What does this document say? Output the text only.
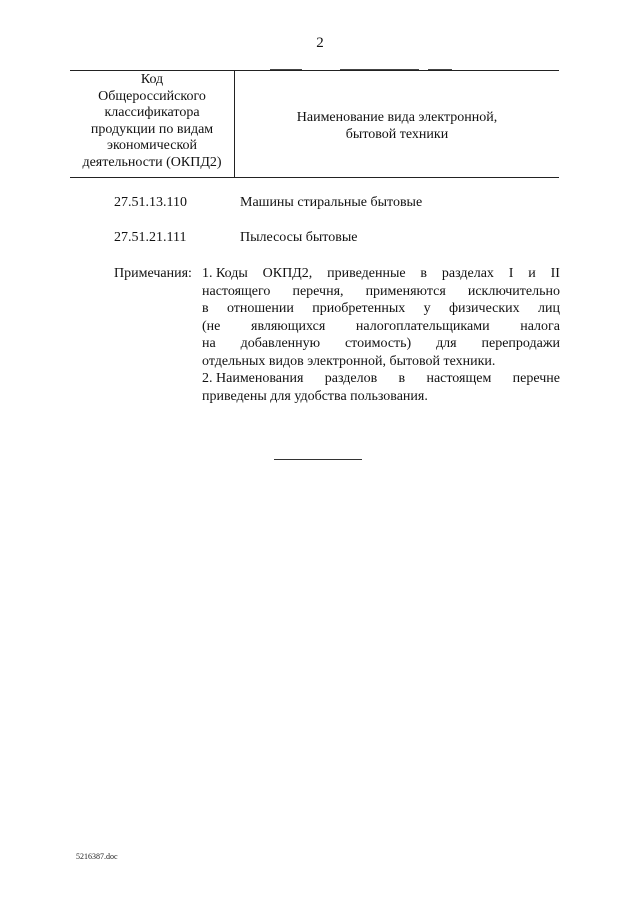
2
Код
Общероссийского
классификатора
продукции по видам
экономической
деятельности (ОКПД2)
Наименование вида электронной,
бытовой техники
27.51.13.110	Машины стиральные бытовые
27.51.21.111	Пылесосы бытовые
Примечания: 1. Коды ОКПД2, приведенные в разделах I и II
настоящего перечня, применяются исключительно
в отношении приобретенных у физических лиц
(не являющихся налогоплательщиками налога
на добавленную стоимость) для перепродажи
отдельных видов электронной, бытовой техники.
2. Наименования разделов в настоящем перечне
приведены для удобства пользования.
5216387.doc
